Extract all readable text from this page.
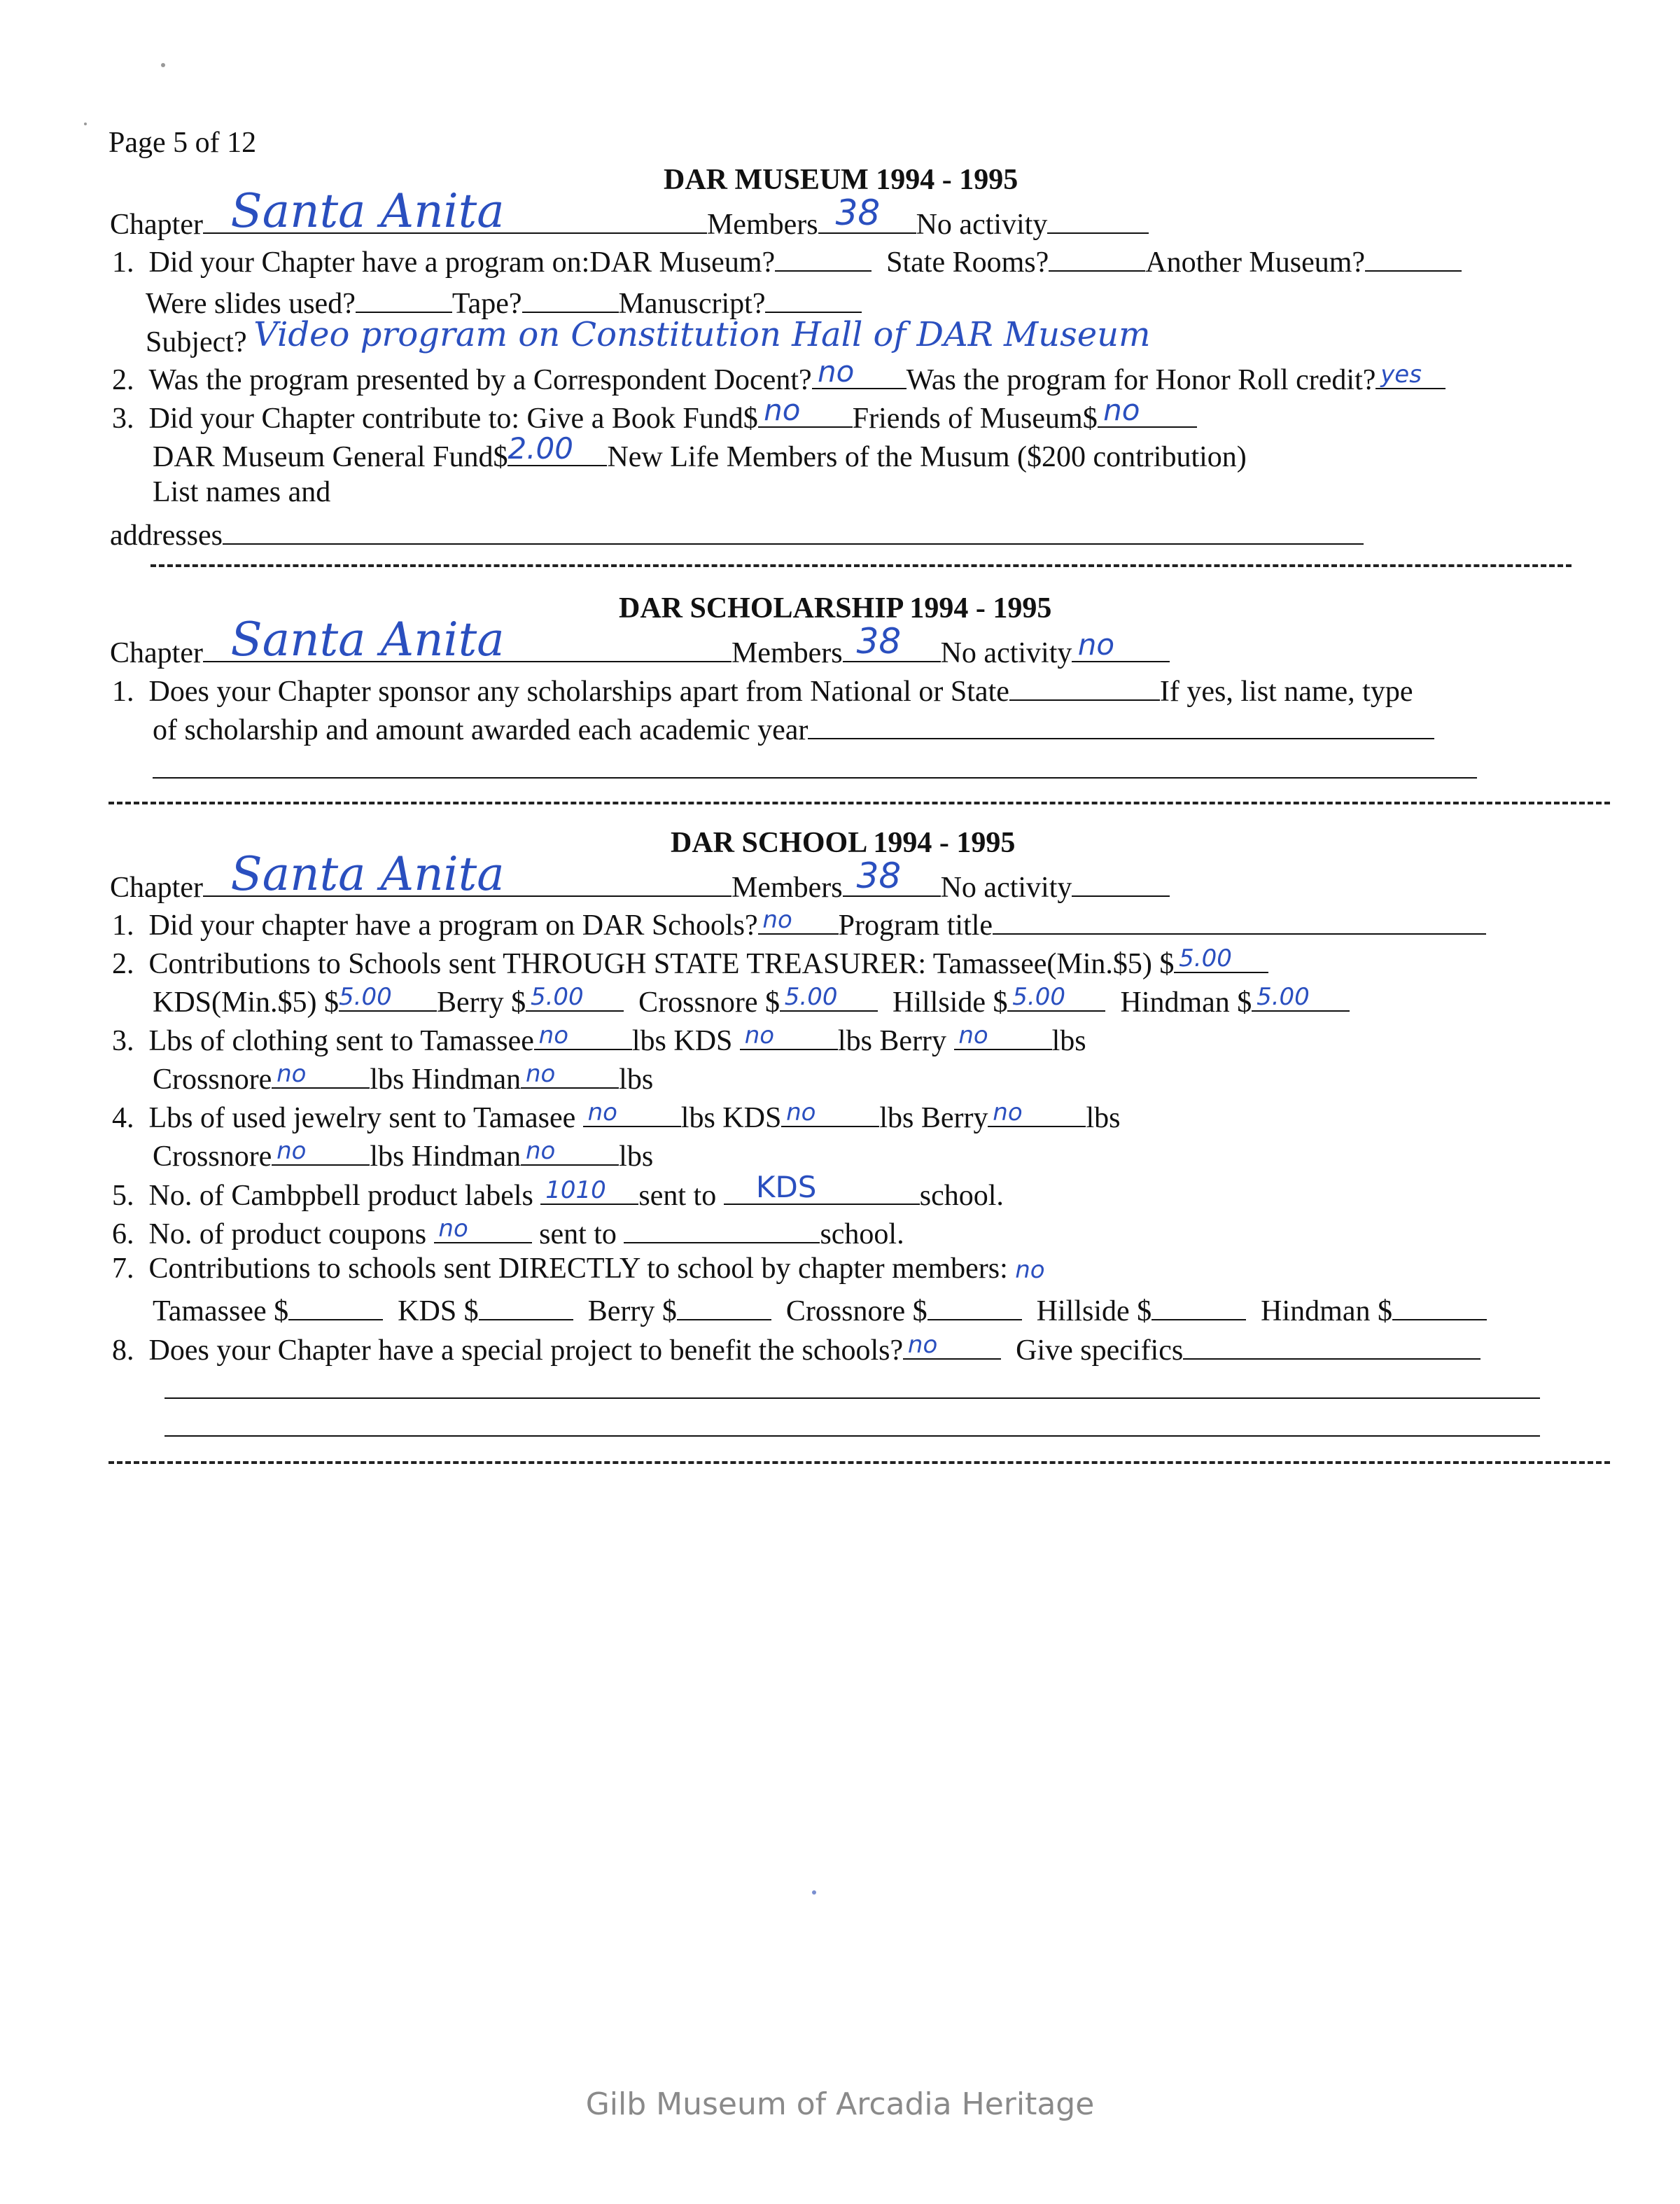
Page 5 of 12
DAR MUSEUM 1994 - 1995
Chapter Santa Anita	Members 38 No activity
1. Did your Chapter have a program on:DAR Museum?	State Rooms?	Another Museum?
Were slides used?	Tape?	Manuscript?
Subject? Video program on Constitution Hall of DAR Museum
2. Was the program presented by a Correspondent Docent? no Was the program for Honor Roll credit? yes
3. Did your Chapter contribute to: Give a Book Fund$ no Friends of Museum$ no
DAR Museum General Fund$ 2.00 New Life Members of the Musum ($200 contribution)
List names and
addresses
DAR SCHOLARSHIP 1994 - 1995
Chapter Santa Anita	Members 38 No activity no
1. Does your Chapter sponsor any scholarships apart from National or State	If yes, list name, type
of scholarship and amount awarded each academic year
DAR SCHOOL 1994 - 1995
Chapter Santa Anita	Members 38 No activity
1. Did your chapter have a program on DAR Schools? no Program title
2. Contributions to Schools sent THROUGH STATE TREASURER: Tamassee(Min.$5) $ 5.00
KDS(Min.$5) $ 5.00 Berry $ 5.00 Crossnore $ 5.00 Hillside $ 5.00 Hindman $ 5.00
3. Lbs of clothing sent to Tamassee no lbs KDS no lbs Berry no lbs
Crossnore no lbs Hindman no lbs
4. Lbs of used jewelry sent to Tamasee no lbs KDS no lbs Berry no lbs
Crossnore no lbs Hindman no lbs
5. No. of Cambpbell product labels 1010 sent to KDS	school.
6. No. of product coupons no sent to	school.
7. Contributions to schools sent DIRECTLY to school by chapter members: no
Tamassee $	KDS $	Berry $	Crossnore $	Hillside $	Hindman $
8. Does your Chapter have a special project to benefit the schools? no	Give specifics
Gilb Museum of Arcadia Heritage
